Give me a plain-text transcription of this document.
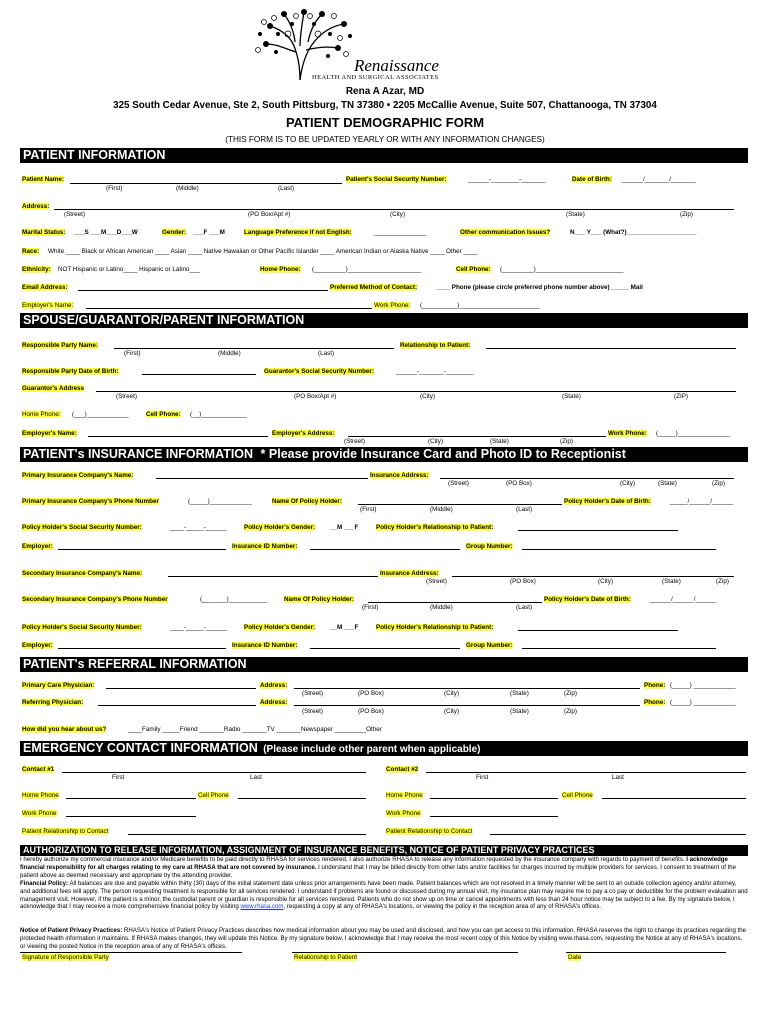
Renaissance
HEALTH AND SURGICAL ASSOCIATES
Rena A Azar, MD
325 South Cedar Avenue, Ste 2, South Pittsburg, TN 37380 • 2205 McCallie Avenue, Suite 507, Chattanooga, TN 37304
PATIENT DEMOGRAPHIC FORM
(THIS FORM IS TO BE UPDATED YEARLY OR WITH ANY INFORMATION CHANGES)
PATIENT INFORMATION
Patient Name:
(First)	(Middle)	(Last)
Patient's Social Security Number:	______-________-_______	Date of Birth: ______/_______/_______
Address:
(Street)	(PO Box/Apt #)	(City)	(State)	(Zip)
Marital Status: ___S ___M___D___W	Gender: ___F ___M	Language Preference if not English:	_______________	Other communication Issues?	N___ Y___ (What?)____________________
Race: White ____ Black or African American ____ Asian ____ Native Hawaiian or Other Pacific Islander ____ American Indian or Alaska Native ____ Other ____
Ethnicity: NOT Hispanic or Latino____ Hispanic or Latino___	Home Phone: (_________)_____________________	Cell Phone: (_________)_________________________
Email Address:	Preferred Method of Contact:	____ Phone (please circle preferred phone number above) _____ Mail
Employer's Name:	Work Phone: (__________)_______________________
SPOUSE/GUARANTOR/PARENT INFORMATION
Responsible Party Name:
(First)	(Middle)	(Last)
Relationship to Patient:
Responsible Party Date of Birth:	Guarantor's Social Security Number:	______-_______-________
Guarantor's Address
(Street)	(PO Box/Apt #)	(City)	(State)	(ZIP)
Home Phone: (___)____________	Cell Phone: (__)_____________
Employer's Name:	Employer's Address:
(Street)	(City)	(State)	(Zip)
Work Phone: (_____)_______________
PATIENT's INSURANCE INFORMATION * Please provide Insurance Card and Photo ID to Receptionist
Primary Insurance Company's Name:	Insurance Address:
(Street)	(PO Box)	(City)	(State)	(Zip)
Primary Insurance Company's Phone Number	(_____)____________	Name Of Policy Holder:
(First)	(Middle)	(Last)
Policy Holder's Date of Birth:	_____/______/______
Policy Holder's Social Security Number:	____-_____-______	Policy Holder's Gender: __M ___F	Policy Holder's Relationship to Patient:
Employer:	Insurance ID Number:	Group Number:
Secondary Insurance Company's Name:	Insurance Address:
(Street)	(PO Box)	(City)	(State)	(Zip)
Secondary Insurance Company's Phone Number	(_______)___________	Name Of Policy Holder:
(First)	(Middle)	(Last)
Policy Holder's Date of Birth:	______/______/______
Policy Holder's Social Security Number:	____-_____-______	Policy Holder's Gender: __M ___F	Policy Holder's Relationship to Patient:
Employer:	Insurance ID Number:	Group Number:
PATIENT's REFERRAL INFORMATION
Primary Care Physician:	Address:
(Street)	(PO Box)	(City)	(State)	(Zip)
Phone: (_____) ____________
Referring Physician:	Address:
(Street)	(PO Box)	(City)	(State)	(Zip)
Phone: (_____) ____________
How did you hear about us?	____Family _____Friend _______Radio _______TV _______Newspaper _________Other
EMERGENCY CONTACT INFORMATION (Please include other parent when applicable)
Contact #1
First	Last
Contact #2
First	Last
Home Phone	Cell Phone	Home Phone	Cell Phone
Work Phone	Work Phone
Patient Relationship to Contact	Patient Relationship to Contact
AUTHORIZATION TO RELEASE INFORMATION, ASSIGNMENT OF INSURANCE BENEFITS, NOTICE OF PATIENT PRIVACY PRACTICES
I hereby authorize my commercial insurance and/or Medicare benefits to be paid directly to RHASA for services rendered. I also authorize RHASA to release any information requested by the insurance company with regards to payment of benefits. I acknowledge financial responsibility for all charges relating to my care at RHASA that are not covered by insurance. I understand that I may be billed directly from other labs and/or facilities for charges incurred by multiple providers for services. I consent to treatment of the patient above as deemed necessary and appropriate by the attending provider.
Financial Policy: All balances are due and payable within thirty (30) days of the initial statement date unless prior arrangements have been made. Patient balances which are not resolved in a timely manner will be sent to an outside collection agency and/or attorney, and additional fees will apply. The person requesting treatment is responsible for all services rendered. I understand if problems are found or discussed during my annual visit, my insurance plan may require me to pay a co pay or deductible for the problem evaluation and management visit. However, if the patient is a minor, the custodial parent or guardian is responsible for all services rendered. Patients who do not show up on time or cancel appointments with less than 24 hour notice may be subject to a fee. By my signature below, I acknowledge that I may receive a more comprehensive financial policy by visiting www.rhasa.com, requesting a copy at any of RHASA's locations, or viewing the policy in the reception area of any of RHASA's offices.
Notice of Patient Privacy Practices: RHASA's Notice of Patient Privacy Practices describes how medical information about you may be used and disclosed, and how you can get access to this information. RHASA reserves the right to change its practices regarding the protected health information it maintains. If RHASA makes changes, they will update this Notice. By my signature below, I acknowledge that I may receive the most recent copy of this Notice by visiting www.rhasa.com, requesting the Notice at any of RHASA's locations, or viewing the posted Notice in the reception area of any of RHASA's offices.
Signature of Responsible Party	Relationship to Patient	Date
